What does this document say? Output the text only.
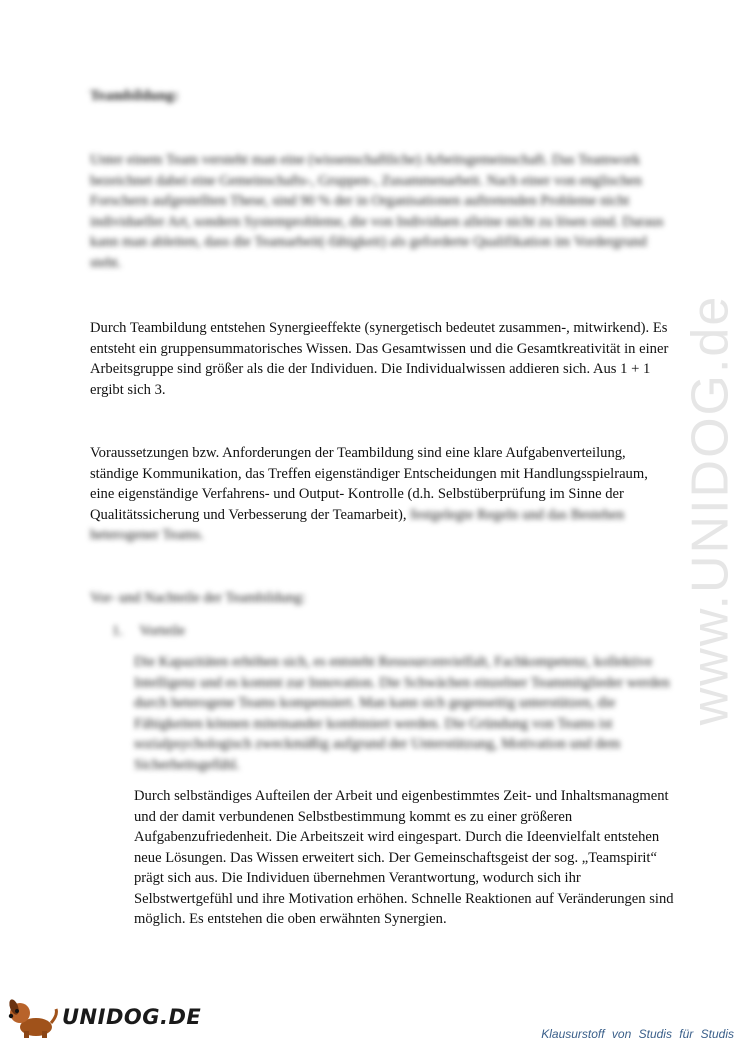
Teambildung:

Unter einem Team versteht man eine (wissenschaftliche) Arbeitsgemeinschaft. Das Teamwork bezeichnet dabei eine Gemeinschafts-, Gruppen-, Zusammenarbeit. Nach einer von englischen Forschern aufgestellten These, sind 90 % der in Organisationen auftretenden Probleme nicht individueller Art, sondern Systemprobleme, die von Individuen alleine nicht zu lösen sind. Daraus kann man ableiten, dass die Teamarbeit(-fähigkeit) als geforderte Qualifikation im Vordergrund steht.

Durch Teambildung entstehen Synergieeffekte (synergetisch bedeutet zusammen-, mitwirkend). Es entsteht ein gruppensummatorisches Wissen. Das Gesamtwissen und die Gesamtkreativität in einer Arbeitsgruppe sind größer als die der Individuen. Die Individualwissen addieren sich. Aus 1 + 1 ergibt sich 3.

Voraussetzungen bzw. Anforderungen der Teambildung sind eine klare Aufgabenverteilung, ständige Kommunikation, das Treffen eigenständiger Entscheidungen mit Handlungsspielraum, eine eigenständige Verfahrens- und Output- Kontrolle (d.h. Selbstüberprüfung im Sinne der Qualitätssicherung und Verbesserung der Teamarbeit), festgelegte Regeln und das Bestehen heterogener Teams.
Vor- und Nachteile der Teambildung:
1. Vorteile

Die Kapazitäten erhöhen sich, es entsteht Ressourcenvielfalt, Fachkompetenz, kollektive Intelligenz und es kommt zur Innovation. Die Schwächen einzelner Teammitglieder werden durch heterogene Teams kompensiert. Man kann sich gegenseitig unterstützen, die Fähigkeiten können miteinander kombiniert werden. Die Gründung von Teams ist sozialpsychologisch zweckmäßig aufgrund der Unterstützung, Motivation und dem Sicherheitsgefühl.

Durch selbständiges Aufteilen der Arbeit und eigenbestimmtes Zeit- und Inhaltsmanagment und der damit verbundenen Selbstbestimmung kommt es zu einer größeren Aufgabenzufriedenheit. Die Arbeitszeit wird eingespart. Durch die Ideenvielfalt entstehen neue Lösungen. Das Wissen erweitert sich. Der Gemeinschaftsgeist der sog. „Teamspirit“ prägt sich aus. Die Individuen übernehmen Verantwortung, wodurch sich ihr Selbstwertgefühl und ihre Motivation erhöhen. Schnelle Reaktionen auf Veränderungen sind möglich. Es entstehen die oben erwähnten Synergien.

www.UNIDOG.de
UNIDOG.DE
Klausurstoff von Studis für Studis
